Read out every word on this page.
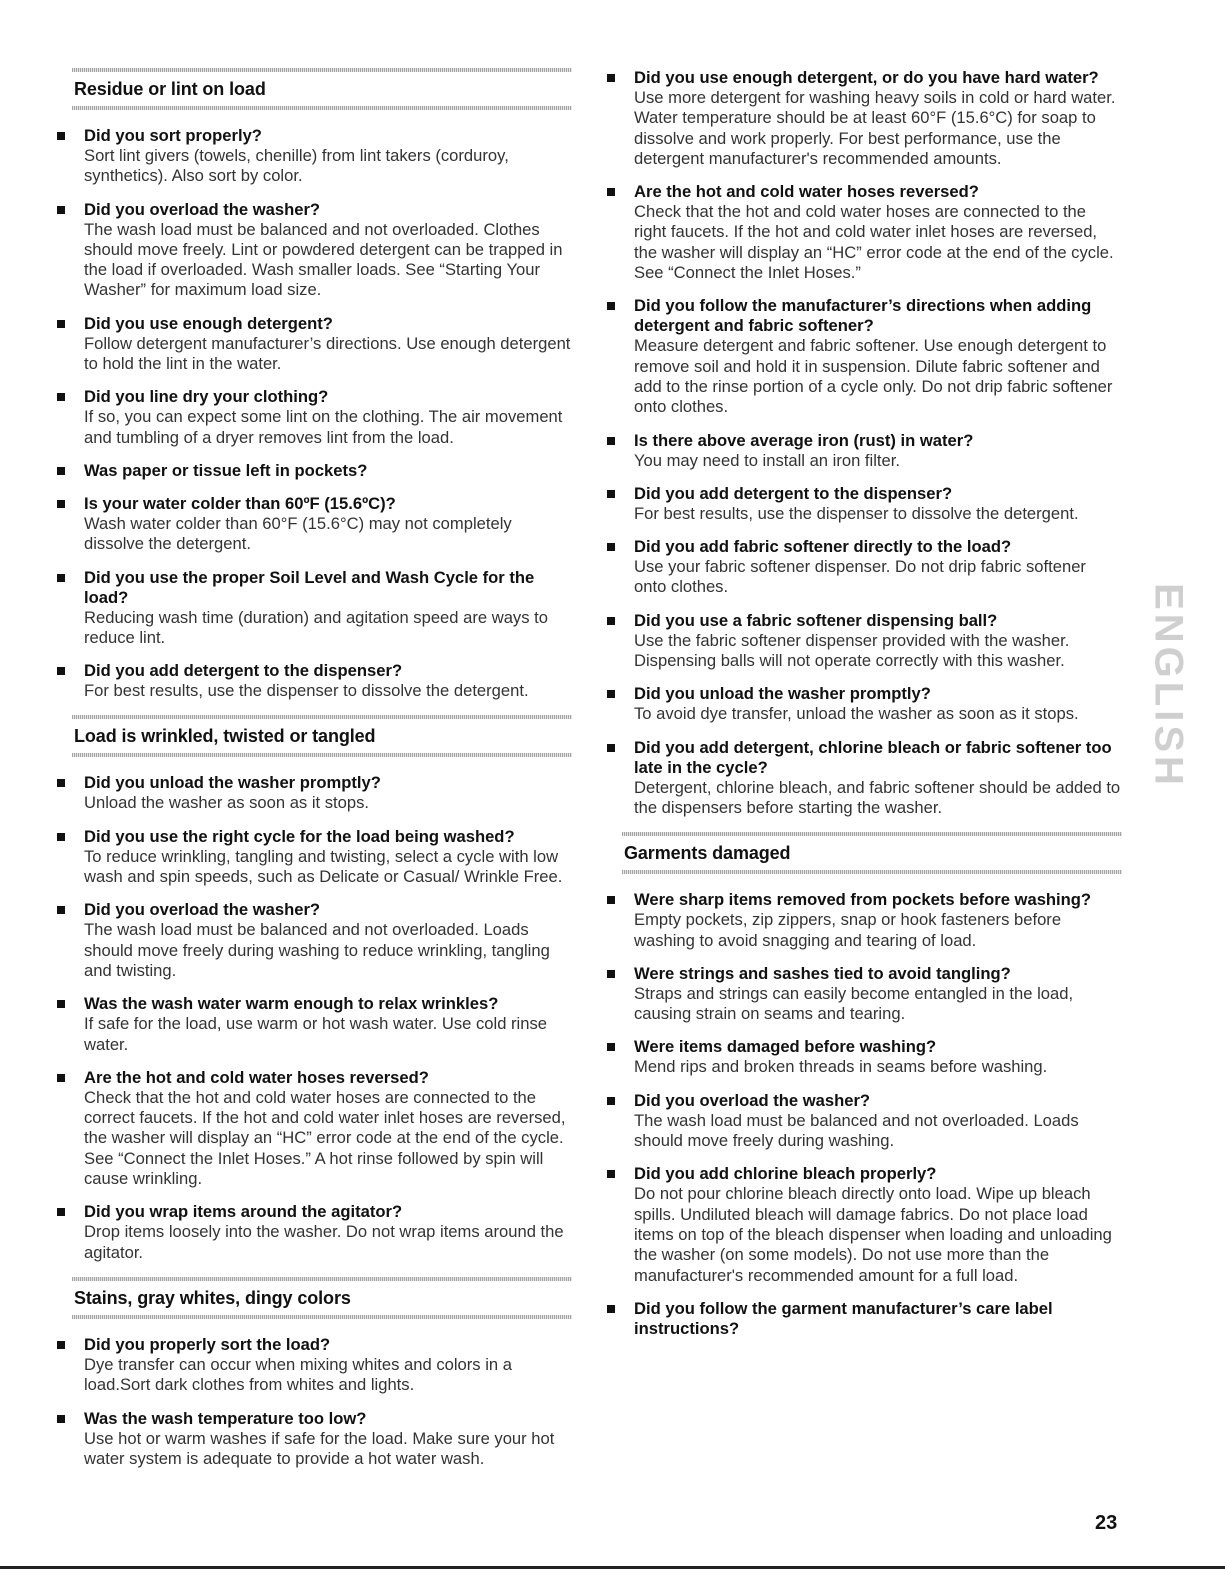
Residue or lint on load
Did you sort properly?
Sort lint givers (towels, chenille) from lint takers (corduroy, synthetics). Also sort by color.
Did you overload the washer?
The wash load must be balanced and not overloaded. Clothes should move freely. Lint or powdered detergent can be trapped in the load if overloaded. Wash smaller loads. See “Starting Your Washer” for maximum load size.
Did you use enough detergent?
Follow detergent manufacturer’s directions. Use enough detergent to hold the lint in the water.
Did you line dry your clothing?
If so, you can expect some lint on the clothing. The air movement and tumbling of a dryer removes lint from the load.
Was paper or tissue left in pockets?
Is your water colder than 60ºF (15.6ºC)?
Wash water colder than 60°F (15.6°C) may not completely dissolve the detergent.
Did you use the proper Soil Level and Wash Cycle for the load?
Reducing wash time (duration) and agitation speed are ways to reduce lint.
Did you add detergent to the dispenser?
For best results, use the dispenser to dissolve the detergent.
Load is wrinkled, twisted or tangled
Did you unload the washer promptly?
Unload the washer as soon as it stops.
Did you use the right cycle for the load being washed?
To reduce wrinkling, tangling and twisting, select a cycle with low wash and spin speeds, such as Delicate or Casual/ Wrinkle Free.
Did you overload the washer?
The wash load must be balanced and not overloaded. Loads should move freely during washing to reduce wrinkling, tangling and twisting.
Was the wash water warm enough to relax wrinkles?
If safe for the load, use warm or hot wash water. Use cold rinse water.
Are the hot and cold water hoses reversed?
Check that the hot and cold water hoses are connected to the correct faucets. If the hot and cold water inlet hoses are reversed, the washer will display an “HC” error code at the end of the cycle. See “Connect the Inlet Hoses.” A hot rinse followed by spin will cause wrinkling.
Did you wrap items around the agitator?
Drop items loosely into the washer. Do not wrap items around the agitator.
Stains, gray whites, dingy colors
Did you properly sort the load?
Dye transfer can occur when mixing whites and colors in a load.Sort dark clothes from whites and lights.
Was the wash temperature too low?
Use hot or warm washes if safe for the load. Make sure your hot water system is adequate to provide a hot water wash.
Did you use enough detergent, or do you have hard water?
Use more detergent for washing heavy soils in cold or hard water. Water temperature should be at least 60°F (15.6°C) for soap to dissolve and work properly. For best performance, use the detergent manufacturer's recommended amounts.
Are the hot and cold water hoses reversed?
Check that the hot and cold water hoses are connected to the right faucets. If the hot and cold water inlet hoses are reversed, the washer will display an “HC” error code at the end of the cycle. See “Connect the Inlet Hoses.”
Did you follow the manufacturer’s directions when adding detergent and fabric softener?
Measure detergent and fabric softener. Use enough detergent to remove soil and hold it in suspension. Dilute fabric softener and add to the rinse portion of a cycle only. Do not drip fabric softener onto clothes.
Is there above average iron (rust) in water?
You may need to install an iron filter.
Did you add detergent to the dispenser?
For best results, use the dispenser to dissolve the detergent.
Did you add fabric softener directly to the load?
Use your fabric softener dispenser. Do not drip fabric softener onto clothes.
Did you use a fabric softener dispensing ball?
Use the fabric softener dispenser provided with the washer. Dispensing balls will not operate correctly with this washer.
Did you unload the washer promptly?
To avoid dye transfer, unload the washer as soon as it stops.
Did you add detergent, chlorine bleach or fabric softener too late in the cycle?
Detergent, chlorine bleach, and fabric softener should be added to the dispensers before starting the washer.
Garments damaged
Were sharp items removed from pockets before washing?
Empty pockets, zip zippers, snap or hook fasteners before washing to avoid snagging and tearing of load.
Were strings and sashes tied to avoid tangling?
Straps and strings can easily become entangled in the load, causing strain on seams and tearing.
Were items damaged before washing?
Mend rips and broken threads in seams before washing.
Did you overload the washer?
The wash load must be balanced and not overloaded. Loads should move freely during washing.
Did you add chlorine bleach properly?
Do not pour chlorine bleach directly onto load. Wipe up bleach spills. Undiluted bleach will damage fabrics. Do not place load items on top of the bleach dispenser when loading and unloading the washer (on some models). Do not use more than the manufacturer's recommended amount for a full load.
Did you follow the garment manufacturer’s care label instructions?
ENGLISH
23
